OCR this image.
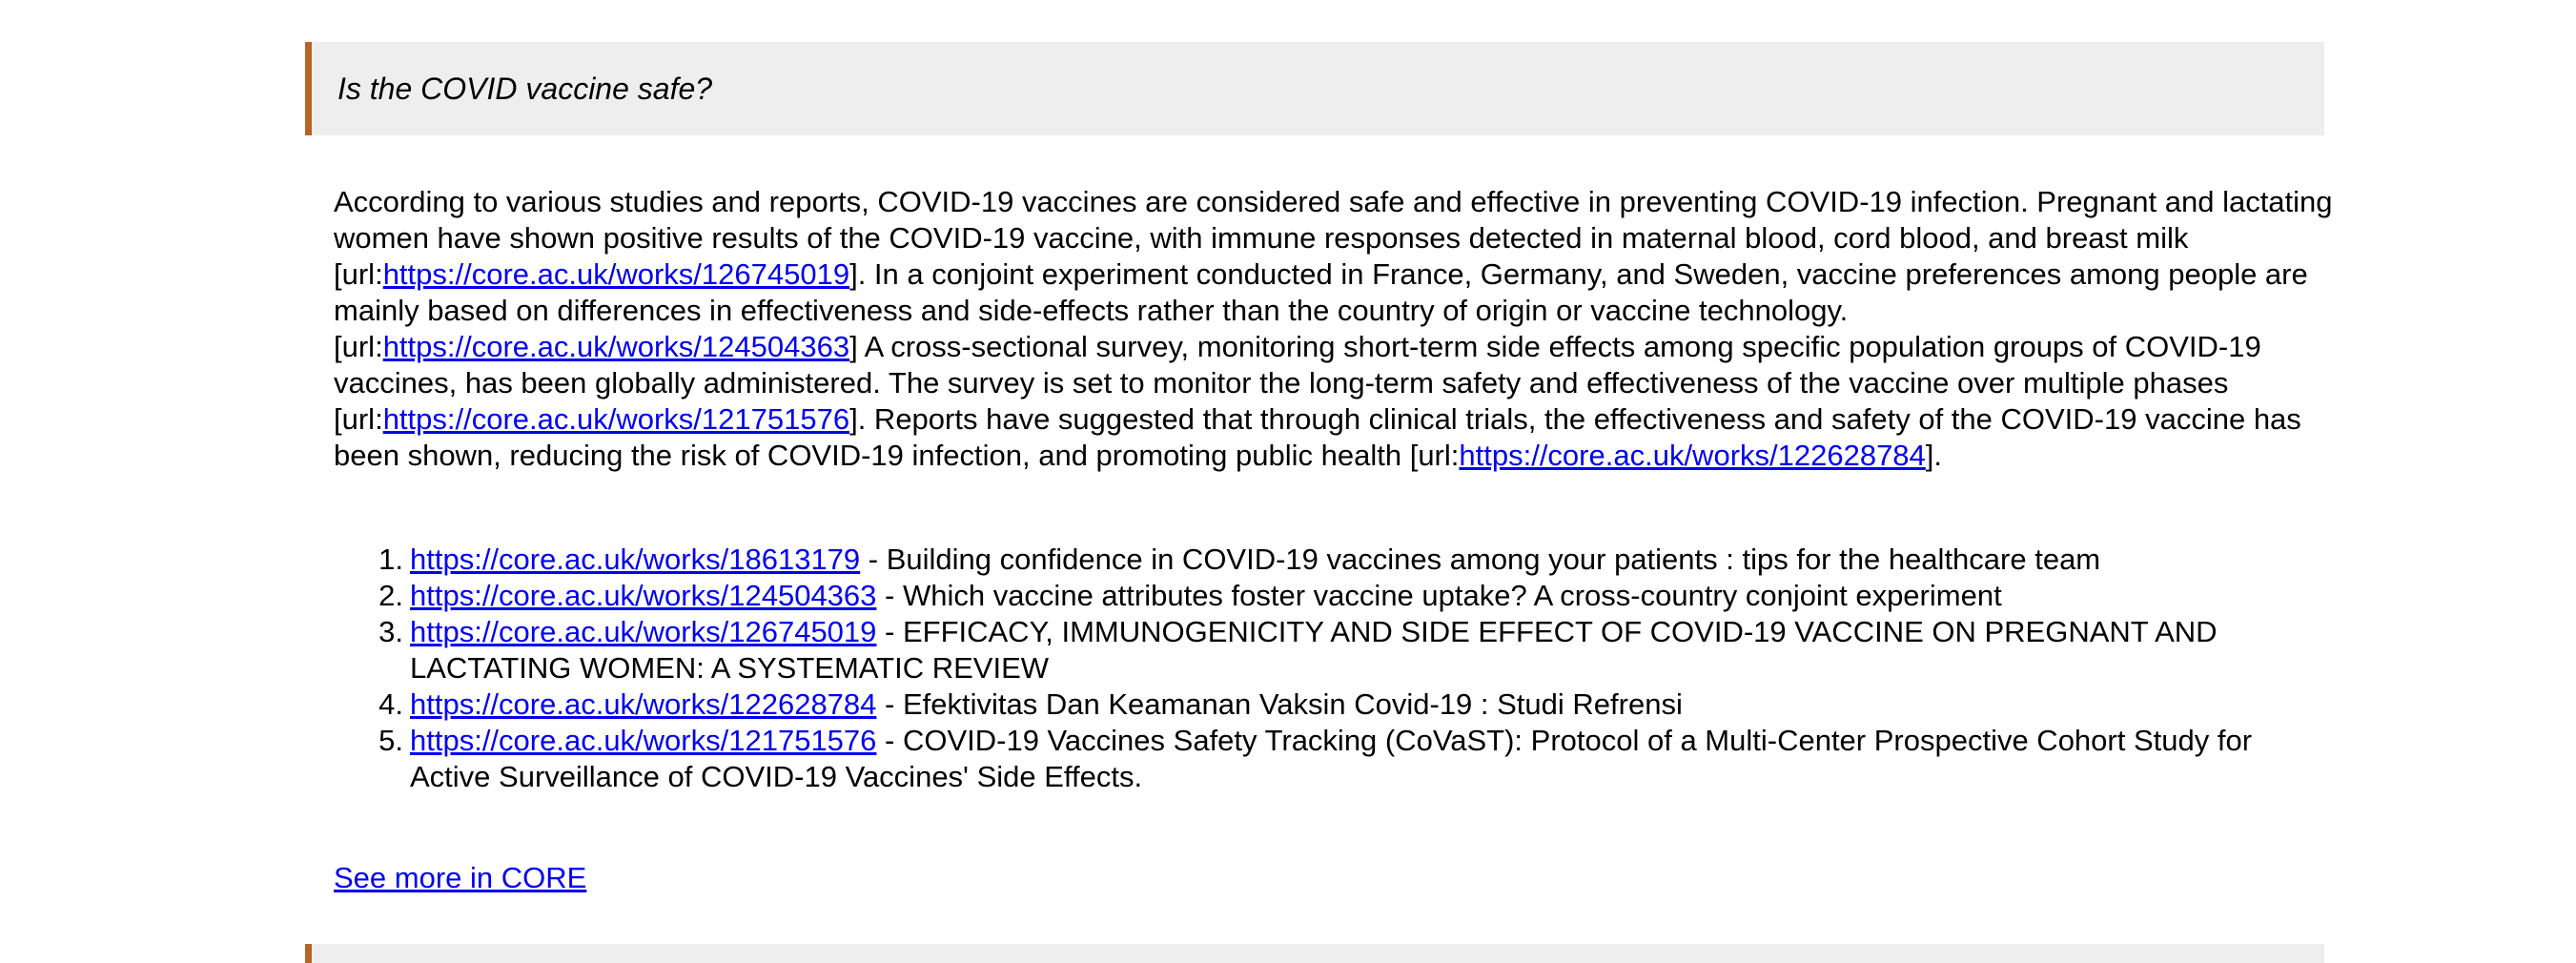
Is the COVID vaccine safe?

According to various studies and reports, COVID-19 vaccines are considered safe and effective in preventing COVID-19 infection. Pregnant and lactating women have shown positive results of the COVID-19 vaccine, with immune responses detected in maternal blood, cord blood, and breast milk [url:https://core.ac.uk/works/126745019]. In a conjoint experiment conducted in France, Germany, and Sweden, vaccine preferences among people are mainly based on differences in effectiveness and side-effects rather than the country of origin or vaccine technology. [url:https://core.ac.uk/works/124504363] A cross-sectional survey, monitoring short-term side effects among specific population groups of COVID-19 vaccines, has been globally administered. The survey is set to monitor the long-term safety and effectiveness of the vaccine over multiple phases [url:https://core.ac.uk/works/121751576]. Reports have suggested that through clinical trials, the effectiveness and safety of the COVID-19 vaccine has been shown, reducing the risk of COVID-19 infection, and promoting public health [url:https://core.ac.uk/works/122628784].

1. https://core.ac.uk/works/18613179 - Building confidence in COVID-19 vaccines among your patients : tips for the healthcare team
2. https://core.ac.uk/works/124504363 - Which vaccine attributes foster vaccine uptake? A cross-country conjoint experiment
3. https://core.ac.uk/works/126745019 - EFFICACY, IMMUNOGENICITY AND SIDE EFFECT OF COVID-19 VACCINE ON PREGNANT AND LACTATING WOMEN: A SYSTEMATIC REVIEW
4. https://core.ac.uk/works/122628784 - Efektivitas Dan Keamanan Vaksin Covid-19 : Studi Refrensi
5. https://core.ac.uk/works/121751576 - COVID-19 Vaccines Safety Tracking (CoVaST): Protocol of a Multi-Center Prospective Cohort Study for Active Surveillance of COVID-19 Vaccines' Side Effects.
See more in CORE
